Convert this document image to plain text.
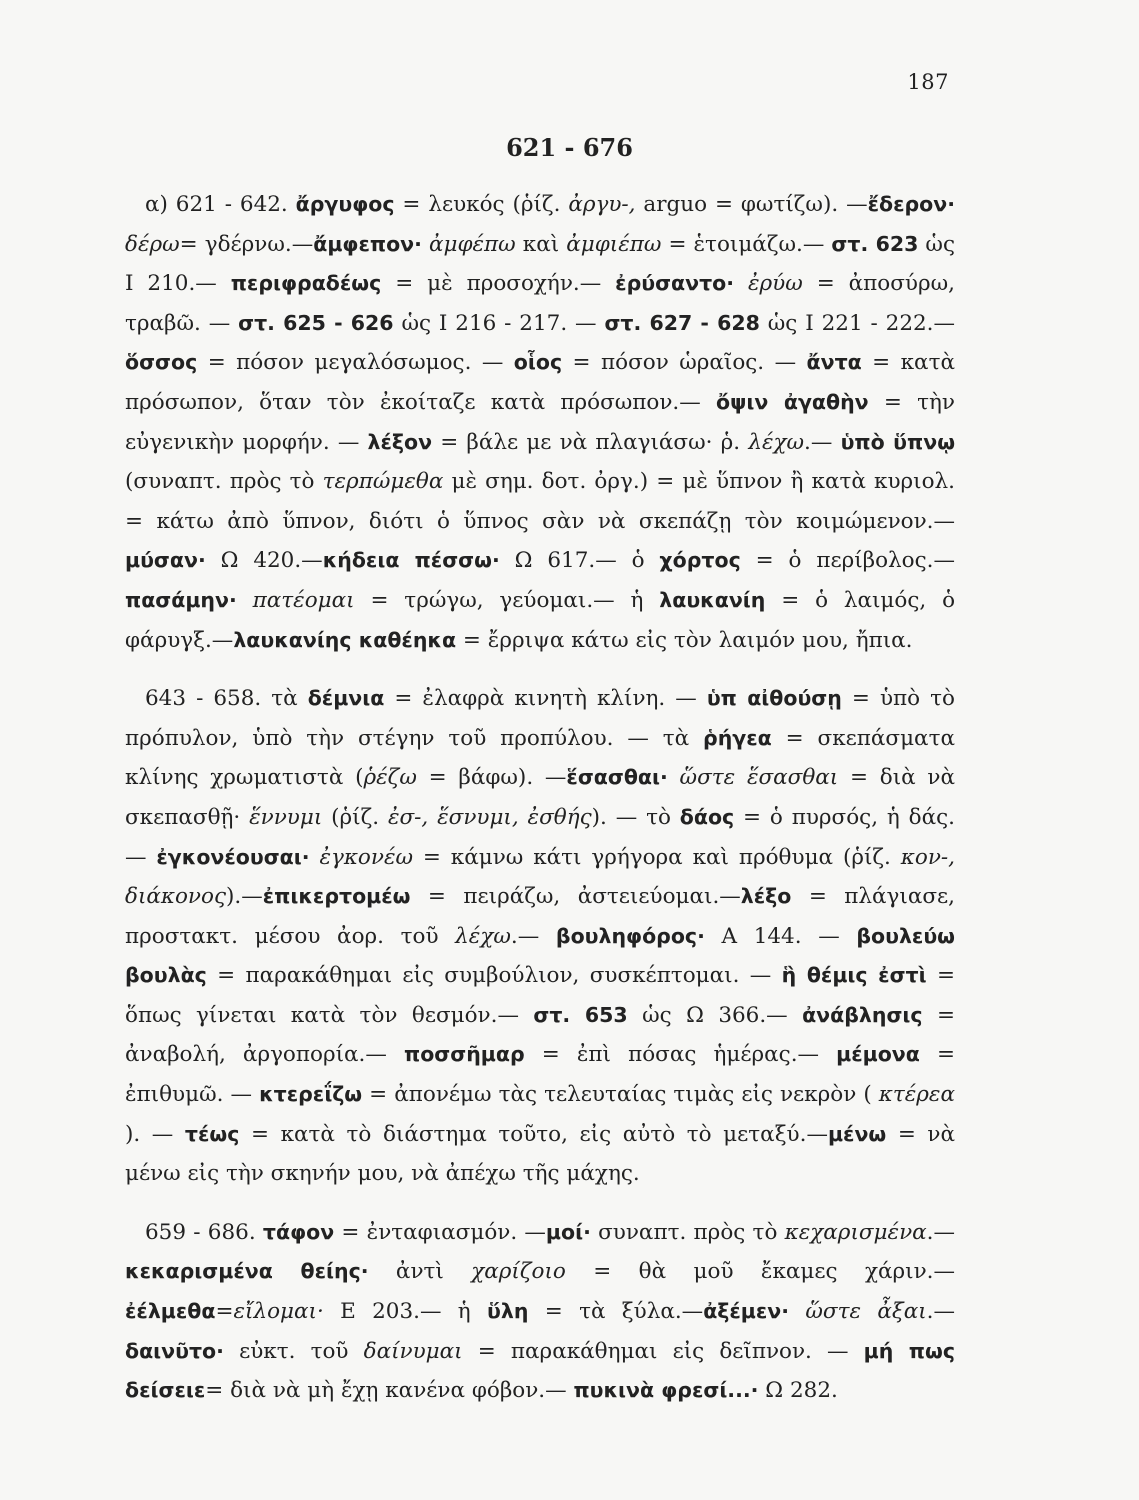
187
621 - 676

α) 621 - 642. ἄργυφος = λευκός (ῥίζ. ἀργυ-, arguo = φωτίζω). —ἔδερον· δέρω= γδέρνω.—ἄμφεπον· ἀμφέπω καὶ ἀμφιέπω = ἑτοιμάζω.— στ. 623 ὡς Ι 210.— περιφραδέως = μὲ προσοχήν.— ἐρύσαντο· ἐρύω = ἀποσύρω, τραβῶ. — στ. 625 - 626 ὡς Ι 216 - 217. — στ. 627 - 628 ὡς Ι 221 - 222.— ὅσσος = πόσον μεγαλόσωμος. — οἷος = πόσον ὡραῖος. — ἄντα = κατὰ πρόσωπον, ὅταν τὸν ἐκοίταζε κατὰ πρόσωπον.— ὄψιν ἀγαθὴν = τὴν εὐγενικὴν μορφήν. — λέξον = βάλε με νὰ πλαγιάσω· ῥ. λέχω.— ὑπὸ ὕπνῳ (συναπτ. πρὸς τὸ τερπώμεθα μὲ σημ. δοτ. ὀργ.) = μὲ ὕπνον ἢ κατὰ κυριολ. = κάτω ἀπὸ ὕπνον, διότι ὁ ὕπνος σὰν νὰ σκεπάζῃ τὸν κοιμώμενον.— μύσαν· Ω 420.—κήδεια πέσσω· Ω 617.— ὁ χόρτος = ὁ περίβολος.— πασάμην· πατέομαι = τρώγω, γεύομαι.— ἡ λαυκανίη = ὁ λαιμός, ὁ φάρυγξ.—λαυκανίης καθέηκα = ἔρριψα κάτω εἰς τὸν λαιμόν μου, ἤπια.

643 - 658. τὰ δέμνια = ἐλαφρὰ κινητὴ κλίνη. — ὑπ αἰθούσῃ = ὑπὸ τὸ πρόπυλον, ὑπὸ τὴν στέγην τοῦ προπύλου. — τὰ ῥήγεα = σκεπάσματα κλίνης χρωματιστὰ (ῥέζω = βάφω). —ἕσασθαι· ὥστε ἕσασθαι = διὰ νὰ σκεπασθῇ· ἕννυμι (ῥίζ. ἐσ-, ἕσνυμι, ἐσθής). — τὸ δάος = ὁ πυρσός, ἡ δάς. — ἐγκονέουσαι· ἐγκονέω = κάμνω κάτι γρήγορα καὶ πρόθυμα (ῥίζ. κον-, διάκονος).—ἐπικερτομέω = πειράζω, ἀστειεύομαι.—λέξο = πλάγιασε, προστακτ. μέσου ἀορ. τοῦ λέχω.— βουληφόρος· Α 144. — βουλεύω βουλὰς = παρακάθημαι εἰς συμβούλιον, συσκέπτομαι. — ἣ θέμις ἐστὶ = ὅπως γίνεται κατὰ τὸν θεσμόν.— στ. 653 ὡς Ω 366.— ἀνάβλησις = ἀναβολή, ἀργοπορία.— ποσσῆμαρ = ἐπὶ πόσας ἡμέρας.— μέμονα = ἐπιθυμῶ. — κτερεΐζω = ἀπονέμω τὰς τελευταίας τιμὰς εἰς νεκρὸν ( κτέρεα ). — τέως = κατὰ τὸ διάστημα τοῦτο, εἰς αὐτὸ τὸ μεταξύ.—μένω = νὰ μένω εἰς τὴν σκηνήν μου, νὰ ἀπέχω τῆς μάχης.

659 - 686. τάφον = ἐνταφιασμόν. —μοί· συναπτ. πρὸς τὸ κεχαρισμένα.—κεκαρισμένα θείης· ἀντὶ χαρίζοιο = θὰ μοῦ ἔκαμες χάριν.— ἐέλμεθα=εἴλομαι· Ε 203.— ἡ ὕλη = τὰ ξύλα.—ἀξέμεν· ὥστε ἆξαι.— δαινῦτο· εὐκτ. τοῦ δαίνυμαι = παρακάθημαι εἰς δεῖπνον. — μή πως δείσειε= διὰ νὰ μὴ ἔχῃ κανένα φόβον.— πυκινὰ φρεσί...· Ω 282.
